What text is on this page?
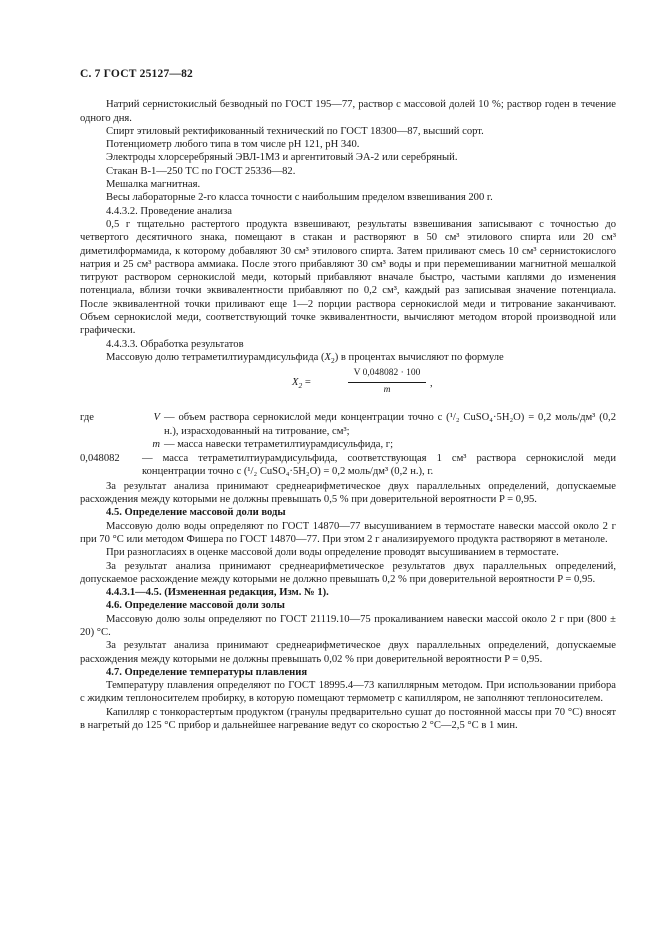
С. 7 ГОСТ 25127—82

Натрий сернистокислый безводный по ГОСТ 195—77, раствор с массовой долей 10 %; раствор годен в течение одного дня.

Спирт этиловый ректификованный технический по ГОСТ 18300—87, высший сорт.

Потенциометр любого типа в том числе рН 121, рН 340.

Электроды хлорсеребряный ЭВЛ-1МЗ и аргентитовый ЭА-2 или серебряный.

Стакан В-1—250 ТС по ГОСТ 25336—82.

Мешалка магнитная.

Весы лабораторные 2-го класса точности с наибольшим пределом взвешивания 200 г.

4.4.3.2. Проведение анализа

0,5 г тщательно растертого продукта взвешивают, результаты взвешивания записывают с точностью до четвертого десятичного знака, помещают в стакан и растворяют в 50 см³ этилового спирта или 20 см³ диметилформамида, к которому добавляют 30 см³ этилового спирта. Затем приливают смесь 10 см³ сернистокислого натрия и 25 см³ раствора аммиака. После этого прибавляют 30 см³ воды и при перемешивании магнитной мешалкой титруют раствором сернокислой меди, который прибавляют вначале быстро, частыми каплями до изменения потенциала, вблизи точки эквивалентности прибавляют по 0,2 см³, каждый раз записывая значение потенциала. После эквивалентной точки приливают еще 1—2 порции раствора сернокислой меди и титрование заканчивают. Объем сернокислой меди, соответствующий точке эквивалентности, вычисляют методом второй производной или графически.

4.4.3.3. Обработка результатов

Массовую долю тетраметилтиурамдисульфида $(X_2)$ в процентах вычисляют по формуле

$X_2$ =	$\frac{V 0,048082 \cdot 100}{m}$ ,
где	V	— объем раствора сернокислой меди концентрации точно c (¹/₂ CuSO₄·5H₂O) = 0,2 моль/дм³ (0,2 н.), израсходованный на титрование, см³;
	m	— масса навески тетраметилтиурамдисульфида, г;
0,048082	— масса тетраметилтиурамдисульфида, соответствующая 1 см³ раствора сернокислой меди концентрации точно c (¹/₂ CuSO₄·5H₂O) = 0,2 моль/дм³ (0,2 н.), г.

За результат анализа принимают среднеарифметическое двух параллельных определений, допускаемые расхождения между которыми не должны превышать 0,5 % при доверительной вероятности P = 0,95.

4.5. Определение массовой доли воды

Массовую долю воды определяют по ГОСТ 14870—77 высушиванием в термостате навески массой около 2 г при 70 °С или методом Фишера по ГОСТ 14870—77. При этом 2 г анализируемого продукта растворяют в метаноле.

При разногласиях в оценке массовой доли воды определение проводят высушиванием в термостате.

За результат анализа принимают среднеарифметическое результатов двух параллельных определений, допускаемое расхождение между которыми не должно превышать 0,2 % при доверительной вероятности P = 0,95.

4.4.3.1—4.5. (Измененная редакция, Изм. № 1).

4.6. Определение массовой доли золы

Массовую долю золы определяют по ГОСТ 21119.10—75 прокаливанием навески массой около 2 г при (800 ± 20) °С.

За результат анализа принимают среднеарифметическое двух параллельных определений, допускаемые расхождения между которыми не должны превышать 0,02 % при доверительной вероятности P = 0,95.

4.7. Определение температуры плавления

Температуру плавления определяют по ГОСТ 18995.4—73 капиллярным методом. При использовании прибора с жидким теплоносителем пробирку, в которую помещают термометр с капилляром, не заполняют теплоносителем.

Капилляр с тонкорастертым продуктом (гранулы предварительно сушат до постоянной массы при 70 °С) вносят в нагретый до 125 °С прибор и дальнейшее нагревание ведут со скоростью 2 °С—2,5 °С в 1 мин.
